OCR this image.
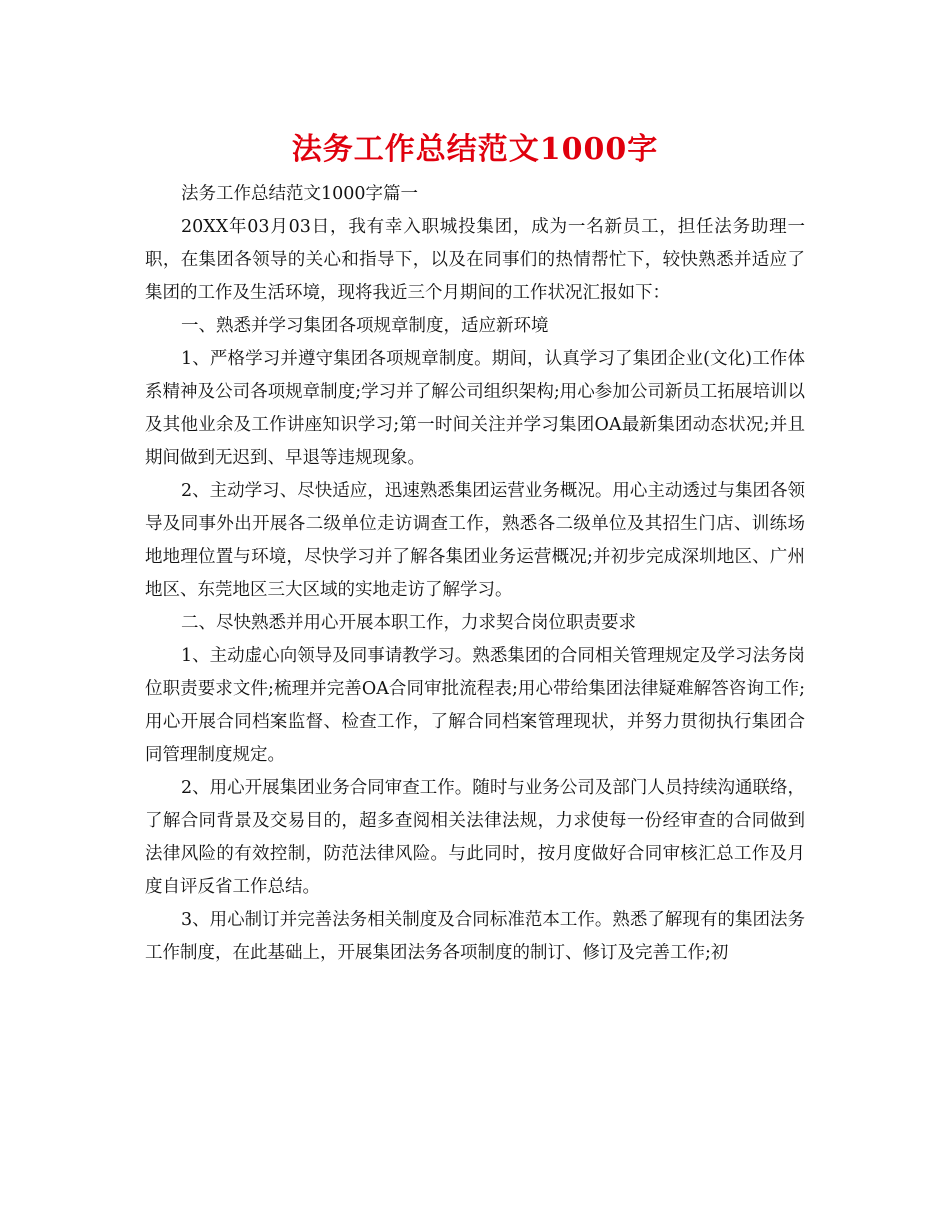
法务工作总结范文1000字

法务工作总结范文1000字篇一

20XX年03月03日，我有幸入职城投集团，成为一名新员工，担任法务助理一职，在集团各领导的关心和指导下，以及在同事们的热情帮忙下，较快熟悉并适应了集团的工作及生活环境，现将我近三个月期间的工作状况汇报如下：

一、熟悉并学习集团各项规章制度，适应新环境

1、严格学习并遵守集团各项规章制度。期间，认真学习了集团企业(文化)工作体系精神及公司各项规章制度;学习并了解公司组织架构;用心参加公司新员工拓展培训以及其他业余及工作讲座知识学习;第一时间关注并学习集团OA最新集团动态状况;并且期间做到无迟到、早退等违规现象。

2、主动学习、尽快适应，迅速熟悉集团运营业务概况。用心主动透过与集团各领导及同事外出开展各二级单位走访调查工作，熟悉各二级单位及其招生门店、训练场地地理位置与环境，尽快学习并了解各集团业务运营概况;并初步完成深圳地区、广州地区、东莞地区三大区域的实地走访了解学习。

二、尽快熟悉并用心开展本职工作，力求契合岗位职责要求

1、主动虚心向领导及同事请教学习。熟悉集团的合同相关管理规定及学习法务岗位职责要求文件;梳理并完善OA合同审批流程表;用心带给集团法律疑难解答咨询工作;用心开展合同档案监督、检查工作，了解合同档案管理现状，并努力贯彻执行集团合同管理制度规定。

2、用心开展集团业务合同审查工作。随时与业务公司及部门人员持续沟通联络，了解合同背景及交易目的，超多查阅相关法律法规，力求使每一份经审查的合同做到法律风险的有效控制，防范法律风险。与此同时，按月度做好合同审核汇总工作及月度自评反省工作总结。

3、用心制订并完善法务相关制度及合同标准范本工作。熟悉了解现有的集团法务工作制度，在此基础上，开展集团法务各项制度的制订、修订及完善工作;初
